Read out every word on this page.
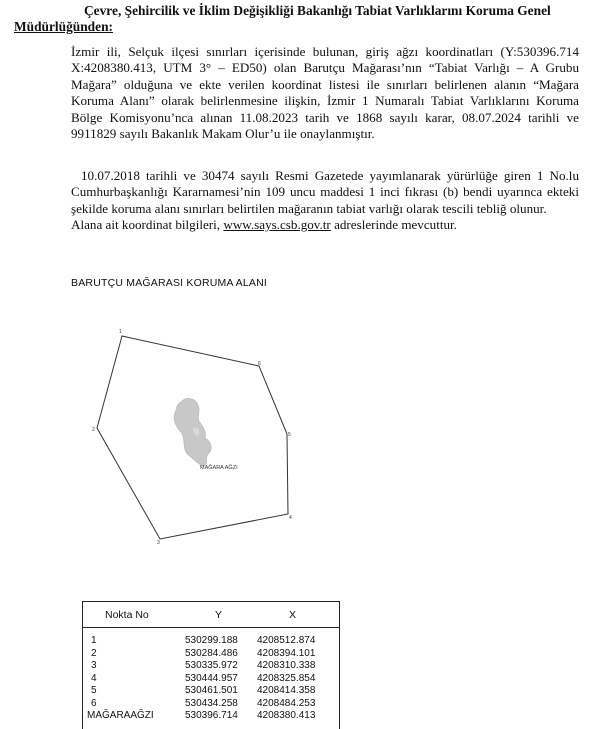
Çevre, Şehircilik ve İklim Değişikliği Bakanlığı Tabiat Varlıklarını Koruma Genel
Müdürlüğünden:
İzmir ili, Selçuk ilçesi sınırları içerisinde bulunan, giriş ağzı koordinatları (Y:530396.714 X:4208380.413, UTM 3° – ED50) olan Barutçu Mağarası’nın “Tabiat Varlığı – A Grubu Mağara” olduğuna ve ekte verilen koordinat listesi ile sınırları belirlenen alanın “Mağara Koruma Alanı” olarak belirlenmesine ilişkin, İzmir 1 Numaralı Tabiat Varlıklarını Koruma Bölge Komisyonu’nca alınan 11.08.2023 tarih ve 1868 sayılı karar, 08.07.2024 tarihli ve 9911829 sayılı Bakanlık Makam Olur’u ile onaylanmıştır.
10.07.2018 tarihli ve 30474 sayılı Resmi Gazetede yayımlanarak yürürlüğe giren 1 No.lu Cumhurbaşkanlığı Kararnamesi’nin 109 uncu maddesi 1 inci fıkrası (b) bendi uyarınca ekteki şekilde koruma alanı sınırları belirtilen mağaranın tabiat varlığı olarak tescili tebliğ olunur.
Alana ait koordinat bilgileri, www.says.csb.gov.tr adreslerinde mevcuttur.
BARUTÇU MAĞARASI KORUMA ALANI
1
2
3
4
5
6
MAĞARA AĞZI
Nokta No	Y	X
1	530299.188 4208512.874
2	530284.486 4208394.101
3	530335.972 4208310.338
4	530444.957 4208325.854
5	530461.501 4208414.358
6	530434.258 4208484.253
MAĞARAAĞZI	530396.714 4208380.413
